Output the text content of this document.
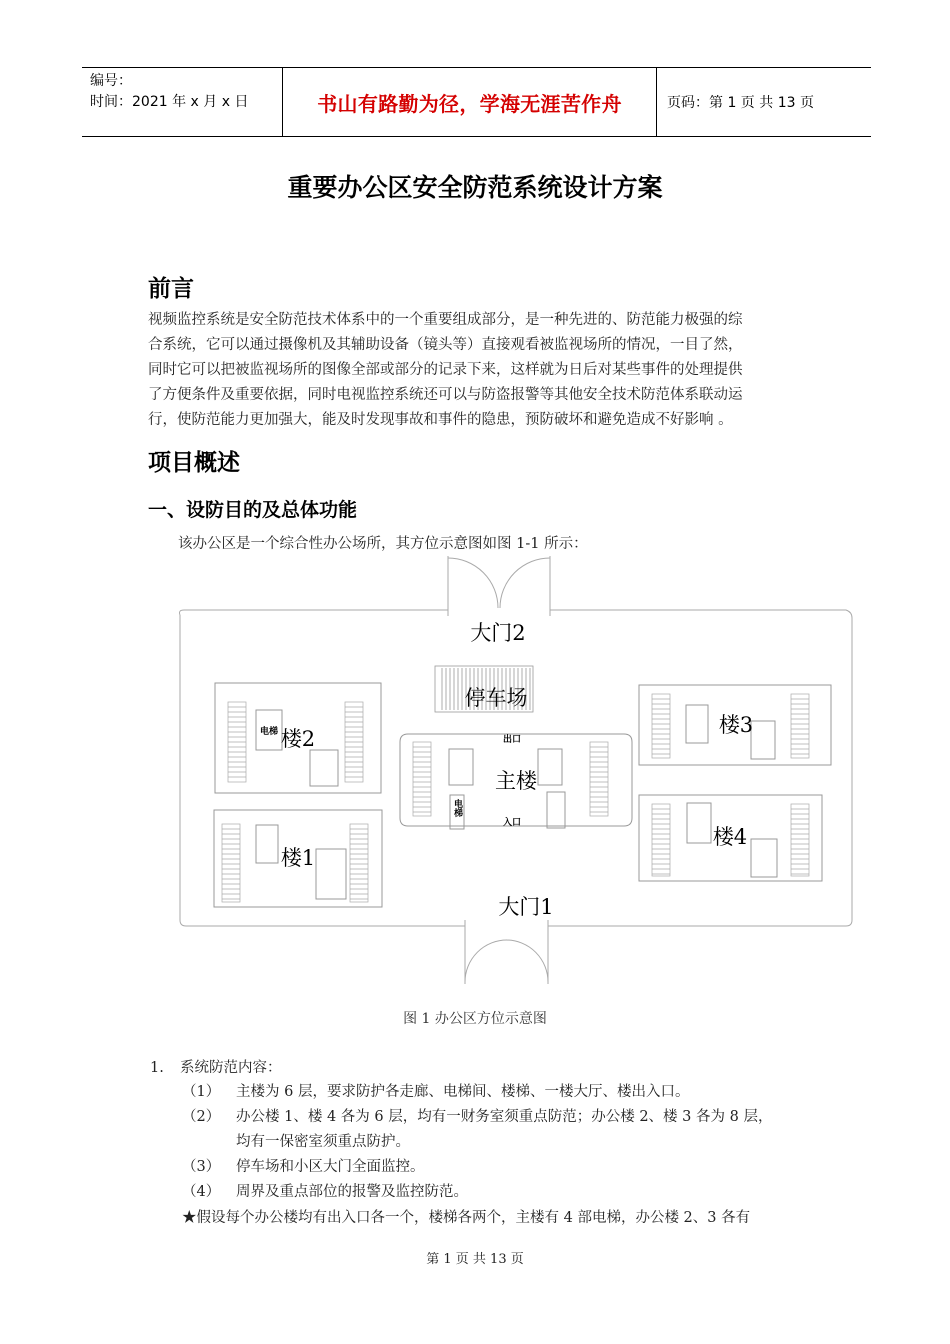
编号：
时间：2021 年 x 月 x 日	书山有路勤为径，学海无涯苦作舟	页码：第 1 页 共 13 页
重要办公区安全防范系统设计方案
前言
视频监控系统是安全防范技术体系中的一个重要组成部分，是一种先进的、防范能力极强的综
合系统，它可以通过摄像机及其辅助设备（镜头等）直接观看被监视场所的情况，一目了然，
同时它可以把被监视场所的图像全部或部分的记录下来，这样就为日后对某些事件的处理提供
了方便条件及重要依据，同时电视监控系统还可以与防盗报警等其他安全技术防范体系联动运
行，使防范能力更加强大，能及时发现事故和事件的隐患，预防破坏和避免造成不好影响 。
项目概述
一、设防目的及总体功能
该办公区是一个综合性办公场所，其方位示意图如图 1-1 所示：
大门2
停车场
楼2
楼1
主楼
楼3
楼4
大门1
电梯
电梯
出口
入口
图 1 办公区方位示意图
1. 系统防范内容：
（1） 主楼为 6 层，要求防护各走廊、电梯间、楼梯、一楼大厅、楼出入口。
（2） 办公楼 1、楼 4 各为 6 层，均有一财务室须重点防范；办公楼 2、楼 3 各为 8 层，
均有一保密室须重点防护。
（3） 停车场和小区大门全面监控。
（4） 周界及重点部位的报警及监控防范。
★假设每个办公楼均有出入口各一个，楼梯各两个，主楼有 4 部电梯，办公楼 2、3 各有
第 1 页 共 13 页
